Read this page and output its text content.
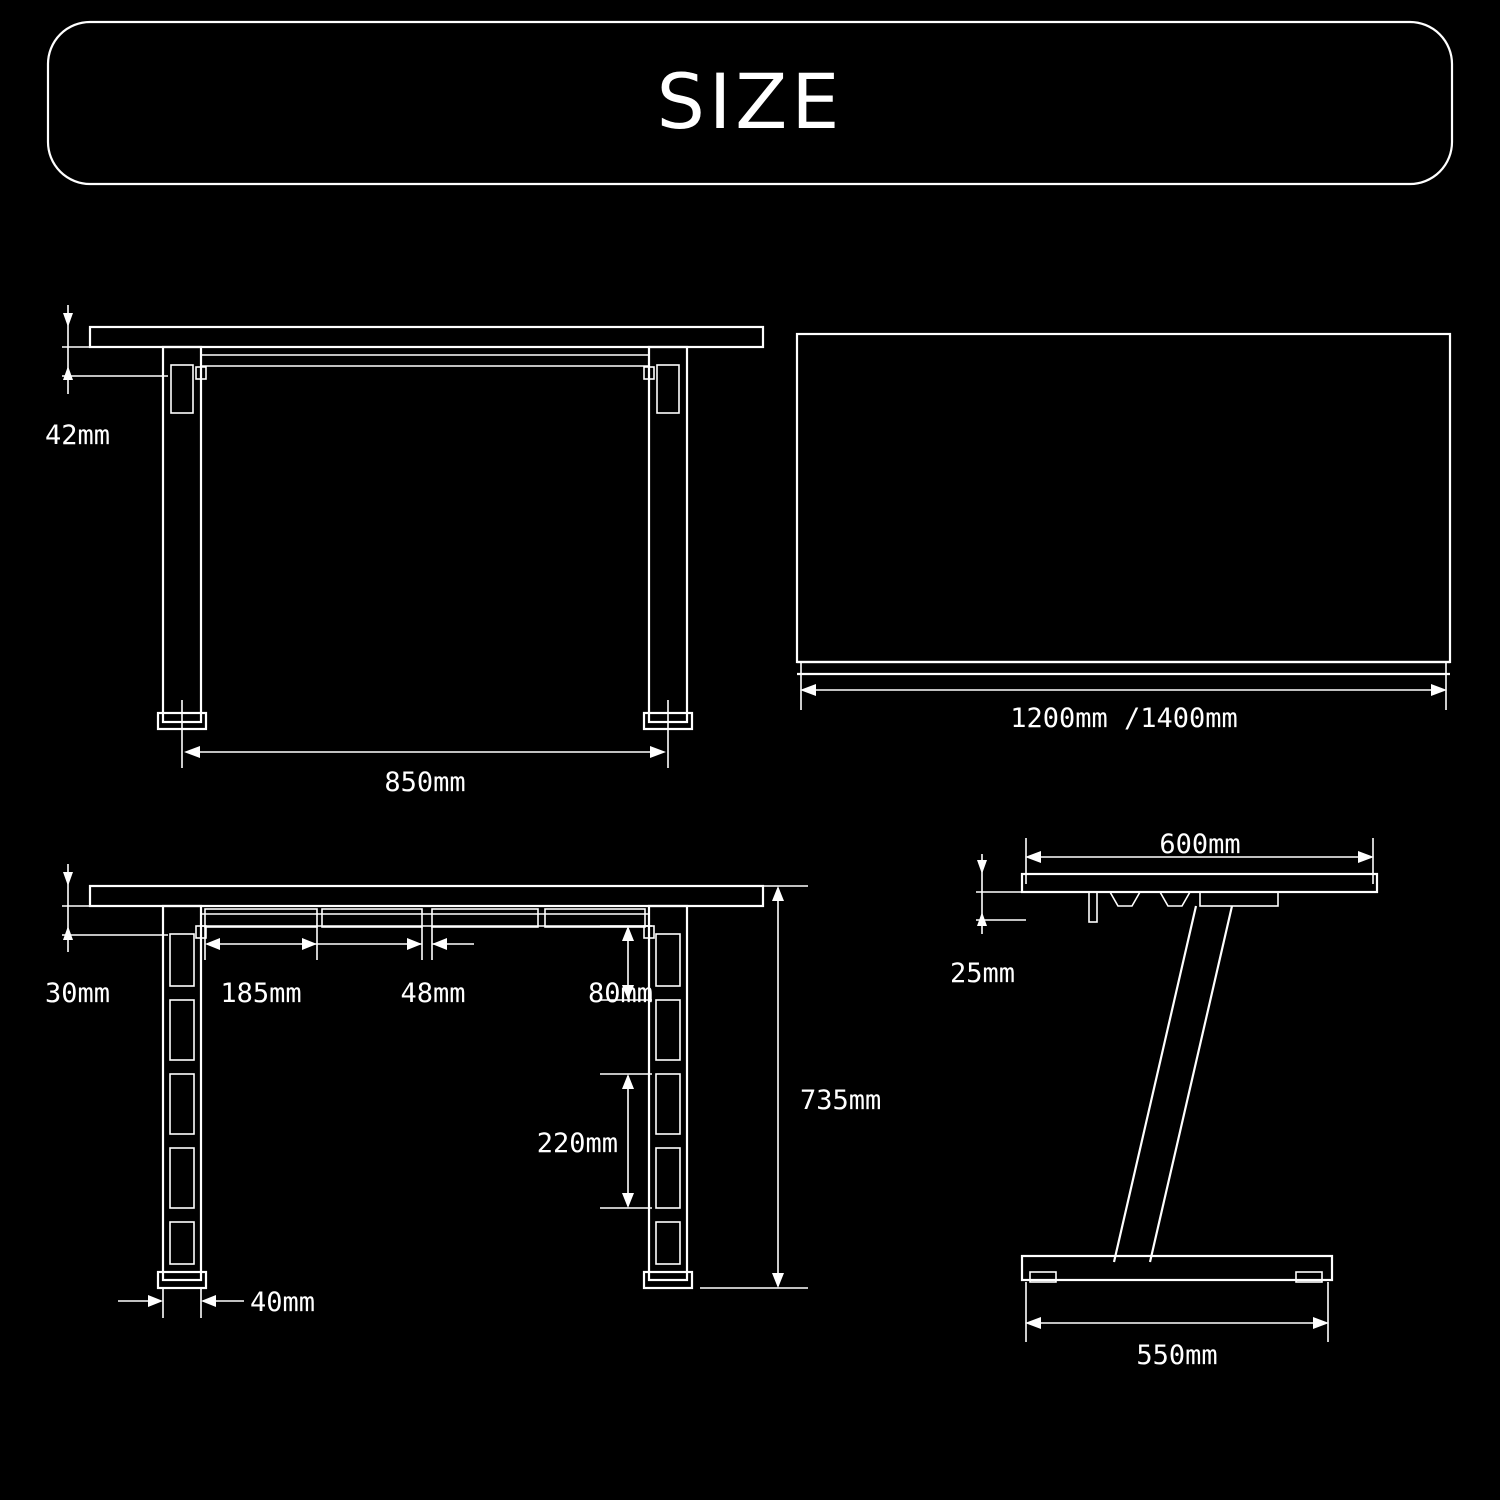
SIZE
42mm
850mm
1200mm /1400mm
30mm	185mm	48mm	80mm
220mm
735mm
40mm
600mm
25mm
550mm
